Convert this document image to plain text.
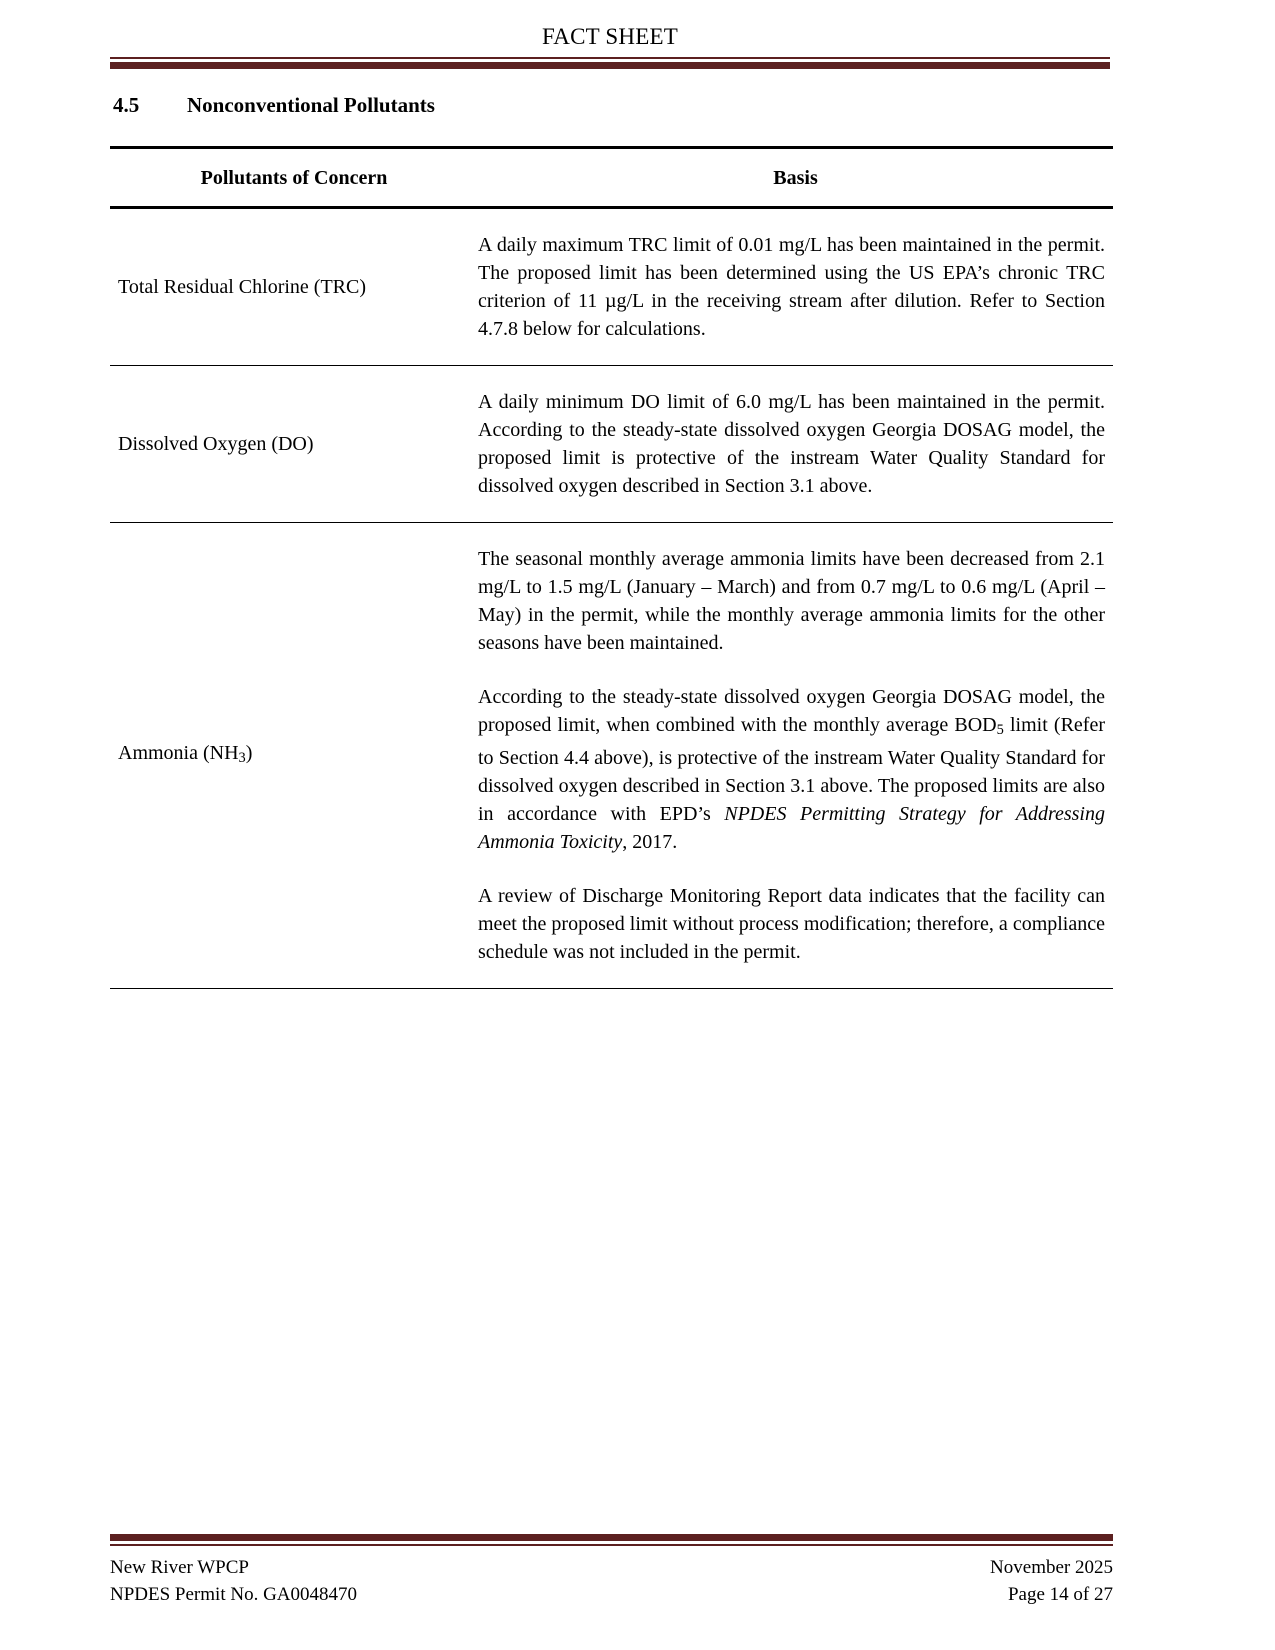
FACT SHEET
4.5 Nonconventional Pollutants
Pollutants of Concern	Basis
Total Residual Chlorine (TRC)	A daily maximum TRC limit of 0.01 mg/L has been maintained in the permit. The proposed limit has been determined using the US EPA’s chronic TRC criterion of 11 µg/L in the receiving stream after dilution. Refer to Section 4.7.8 below for calculations.

Dissolved Oxygen (DO)	A daily minimum DO limit of 6.0 mg/L has been maintained in the permit. According to the steady-state dissolved oxygen Georgia DOSAG model, the proposed limit is protective of the instream Water Quality Standard for dissolved oxygen described in Section 3.1 above.

Ammonia $(NH_3)$	The seasonal monthly average ammonia limits have been decreased from 2.1 mg/L to 1.5 mg/L (January – March) and from 0.7 mg/L to 0.6 mg/L (April – May) in the permit, while the monthly average ammonia limits for the other seasons have been maintained.

According to the steady-state dissolved oxygen Georgia DOSAG model, the proposed limit, when combined with the monthly average $BOD_5$ limit (Refer to Section 4.4 above), is protective of the instream Water Quality Standard for dissolved oxygen described in Section 3.1 above. The proposed limits are also in accordance with EPD’s NPDES Permitting Strategy for Addressing Ammonia Toxicity, 2017.

A review of Discharge Monitoring Report data indicates that the facility can meet the proposed limit without process modification; therefore, a compliance schedule was not included in the permit.

New River WPCP	November 2025
NPDES Permit No. GA0048470	Page 14 of 27
